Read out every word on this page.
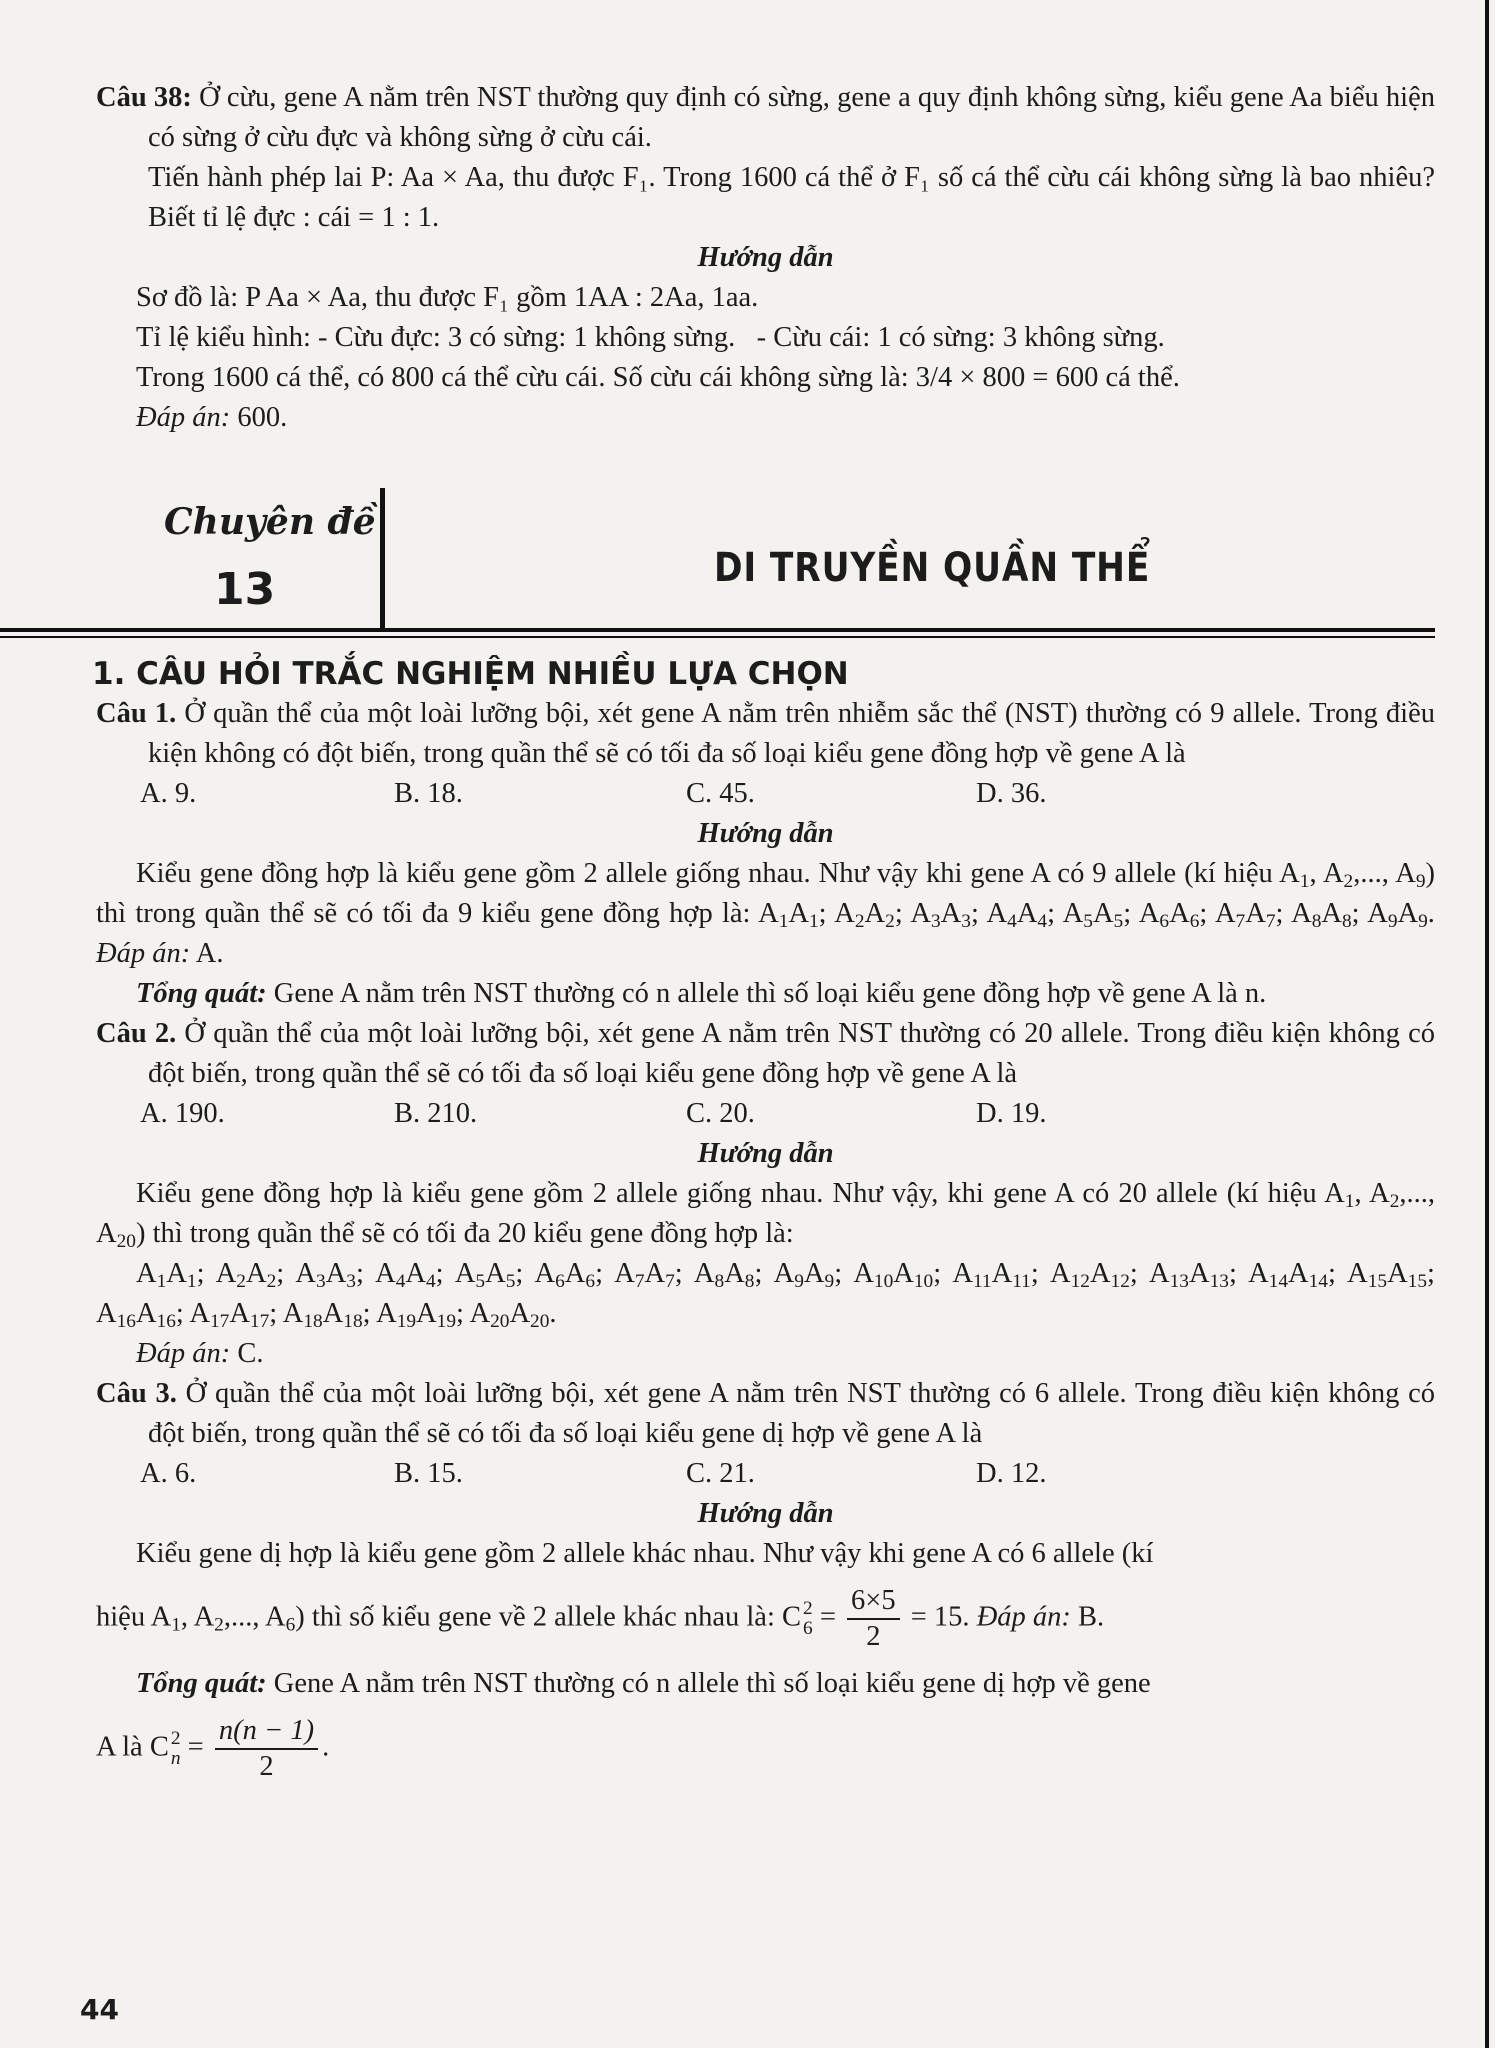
Câu 38: Ở cừu, gene A nằm trên NST thường quy định có sừng, gene a quy định không sừng, kiểu gene Aa biểu hiện có sừng ở cừu đực và không sừng ở cừu cái.

Tiến hành phép lai P: Aa × Aa, thu được F₁. Trong 1600 cá thể ở F₁ số cá thể cừu cái không sừng là bao nhiêu? Biết tỉ lệ đực : cái = 1 : 1.

Hướng dẫn

Sơ đồ là: P Aa × Aa, thu được F₁ gồm 1AA : 2Aa, 1aa.

Tỉ lệ kiểu hình: - Cừu đực: 3 có sừng: 1 không sừng.   - Cừu cái: 1 có sừng: 3 không sừng.

Trong 1600 cá thể, có 800 cá thể cừu cái. Số cừu cái không sừng là: 3/4 × 800 = 600 cá thể.

Đáp án: 600.

Chuyên đề
13	DI TRUYỀN QUẦN THỂ

1. CÂU HỎI TRẮC NGHIỆM NHIỀU LỰA CHỌN

Câu 1. Ở quần thể của một loài lưỡng bội, xét gene A nằm trên nhiễm sắc thể (NST) thường có 9 allele. Trong điều kiện không có đột biến, trong quần thể sẽ có tối đa số loại kiểu gene đồng hợp về gene A là

A. 9.	B. 18.	C. 45.	D. 36.

Hướng dẫn

Kiểu gene đồng hợp là kiểu gene gồm 2 allele giống nhau. Như vậy khi gene A có 9 allele (kí hiệu $A_1$, $A_2$,..., $A_9$) thì trong quần thể sẽ có tối đa 9 kiểu gene đồng hợp là: $A_1A_1$; $A_2A_2$; $A_3A_3$; $A_4A_4$; $A_5A_5$; $A_6A_6$; $A_7A_7$; $A_8A_8$; $A_9A_9$. Đáp án: A.

Tổng quát: Gene A nằm trên NST thường có n allele thì số loại kiểu gene đồng hợp về gene A là n.

Câu 2. Ở quần thể của một loài lưỡng bội, xét gene A nằm trên NST thường có 20 allele. Trong điều kiện không có đột biến, trong quần thể sẽ có tối đa số loại kiểu gene đồng hợp về gene A là

A. 190.	B. 210.	C. 20.	D. 19.

Hướng dẫn

Kiểu gene đồng hợp là kiểu gene gồm 2 allele giống nhau. Như vậy, khi gene A có 20 allele (kí hiệu $A_1$, $A_2$,..., $A_{20}$) thì trong quần thể sẽ có tối đa 20 kiểu gene đồng hợp là:

$A_1A_1$; $A_2A_2$; $A_3A_3$; $A_4A_4$; $A_5A_5$; $A_6A_6$; $A_7A_7$; $A_8A_8$; $A_9A_9$; $A_{10}A_{10}$; $A_{11}A_{11}$; $A_{12}A_{12}$; $A_{13}A_{13}$; $A_{14}A_{14}$; $A_{15}A_{15}$; $A_{16}A_{16}$; $A_{17}A_{17}$; $A_{18}A_{18}$; $A_{19}A_{19}$; $A_{20}A_{20}$.

Đáp án: C.

Câu 3. Ở quần thể của một loài lưỡng bội, xét gene A nằm trên NST thường có 6 allele. Trong điều kiện không có đột biến, trong quần thể sẽ có tối đa số loại kiểu gene dị hợp về gene A là

A. 6.	B. 15.	C. 21.	D. 12.

Hướng dẫn

Kiểu gene dị hợp là kiểu gene gồm 2 allele khác nhau. Như vậy khi gene A có 6 allele (kí

hiệu $A_1$, $A_2$,..., $A_6$) thì số kiểu gene về 2 allele khác nhau là: C 2
$6 = \frac{6\times 5}{2} = 15$. Đáp án: B.

Tổng quát: Gene A nằm trên NST thường có n allele thì số loại kiểu gene dị hợp về gene

A là C 2
$n = \frac{n(n - 1)}{2}$ .

44
